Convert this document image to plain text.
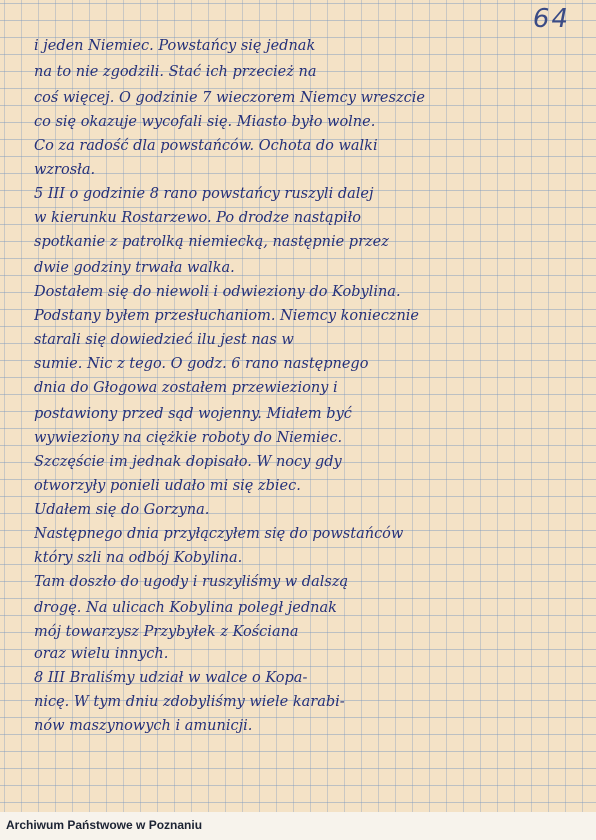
64
i jeden Niemiec. Powstańcy się jednak
na to nie zgodzili. Stać ich przecież na
coś więcej. O godzinie 7 wieczorem Niemcy wreszcie
co się okazuje wycofali się. Miasto było wolne.
Co za radość dla powstańców. Ochota do walki
wzrosła.
5 III o godzinie 8 rano powstańcy ruszyli dalej
w kierunku Rostarzewo. Po drodze nastąpiło
spotkanie z patrolką niemiecką, następnie przez
dwie godziny trwała walka.
Dostałem się do niewoli i odwieziony do Kobylina.
Podstany byłem przesłuchaniom. Niemcy koniecznie
starali się dowiedzieć ilu jest nas w
sumie. Nic z tego. O godz. 6 rano następnego
dnia do Głogowa zostałem przewieziony i
postawiony przed sąd wojenny. Miałem być
wywieziony na ciężkie roboty do Niemiec.
Szczęście im jednak dopisało. W nocy gdy
otworzyły ponieli udało mi się zbiec.
Udałem się do Gorzyna.
Następnego dnia przyłączyłem się do powstańców
który szli na odbój Kobylina.
Tam doszło do ugody i ruszyliśmy w dalszą
drogę. Na ulicach Kobylina poległ jednak
mój towarzysz Przybyłek z Kościana
oraz wielu innych.
8 III Braliśmy udział w walce o Kopa-
nicę. W tym dniu zdobyliśmy wiele karabi-
nów maszynowych i amunicji.
Archiwum Państwowe w Poznaniu
